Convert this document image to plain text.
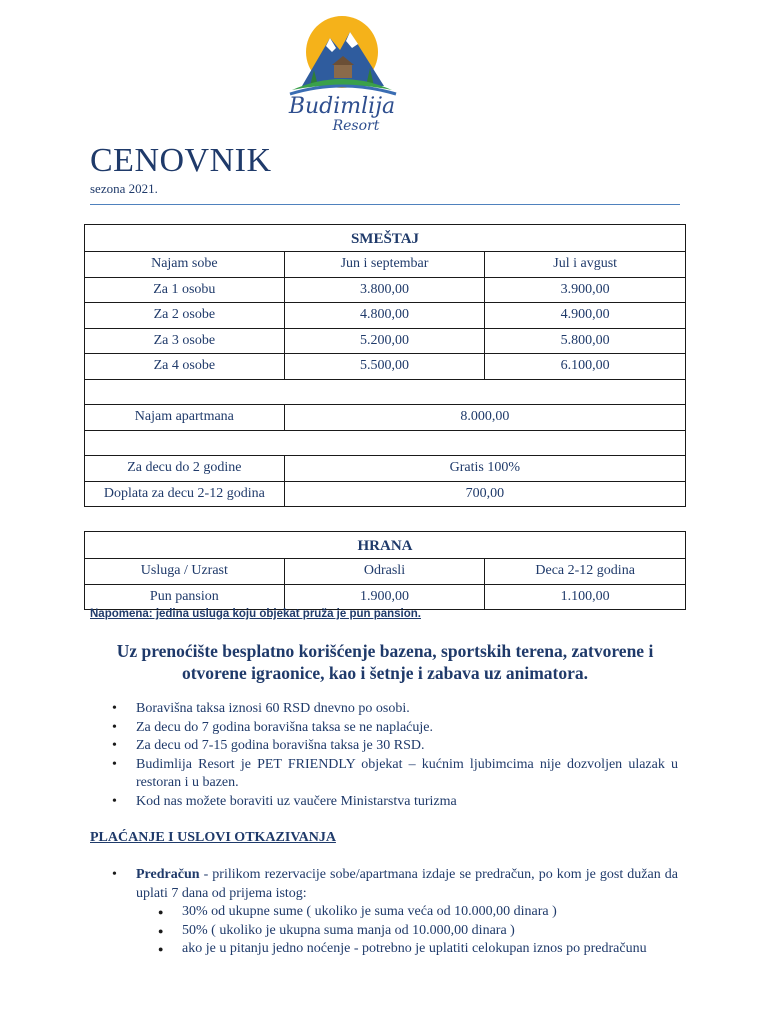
Budimlija
Resort
CENOVNIK
sezona 2021.
SMEŠTAJ		
Najam sobe	Jun i septembar	Jul i avgust
Za 1 osobu	3.800,00	3.900,00
Za 2 osobe	4.800,00	4.900,00
Za 3 osobe	5.200,00	5.800,00
Za 4 osobe	5.500,00	6.100,00

Najam apartmana	8.000,00	

Za decu do 2 godine	Gratis 100%	
Doplata za decu 2-12 godina	700,00	
HRANA		
Usluga / Uzrast	Odrasli	Deca 2-12 godina
Pun pansion	1.900,00	1.100,00
Napomena: jedina usluga koju objekat pruža je pun pansion.
Uz prenoćište besplatno korišćenje bazena, sportskih terena, zatvorene i otvorene igraonice, kao i šetnje i zabava uz animatora.
• Boravišna taksa iznosi 60 RSD dnevno po osobi.
• Za decu do 7 godina boravišna taksa se ne naplaćuje.
• Za decu od 7-15 godina boravišna taksa je 30 RSD.
• Budimlija Resort je PET FRIENDLY objekat – kućnim ljubimcima nije dozvoljen ulazak u restoran i u bazen.
• Kod nas možete boraviti uz vaučere Ministarstva turizma
PLAĆANJE I USLOVI OTKAZIVANJA
• Predračun - prilikom rezervacije sobe/apartmana izdaje se predračun, po kom je gost dužan da uplati 7 dana od prijema istog:
● 30% od ukupne sume ( ukoliko je suma veća od 10.000,00 dinara )
● 50% ( ukoliko je ukupna suma manja od 10.000,00 dinara )
● ako je u pitanju jedno noćenje - potrebno je uplatiti celokupan iznos po predračunu
